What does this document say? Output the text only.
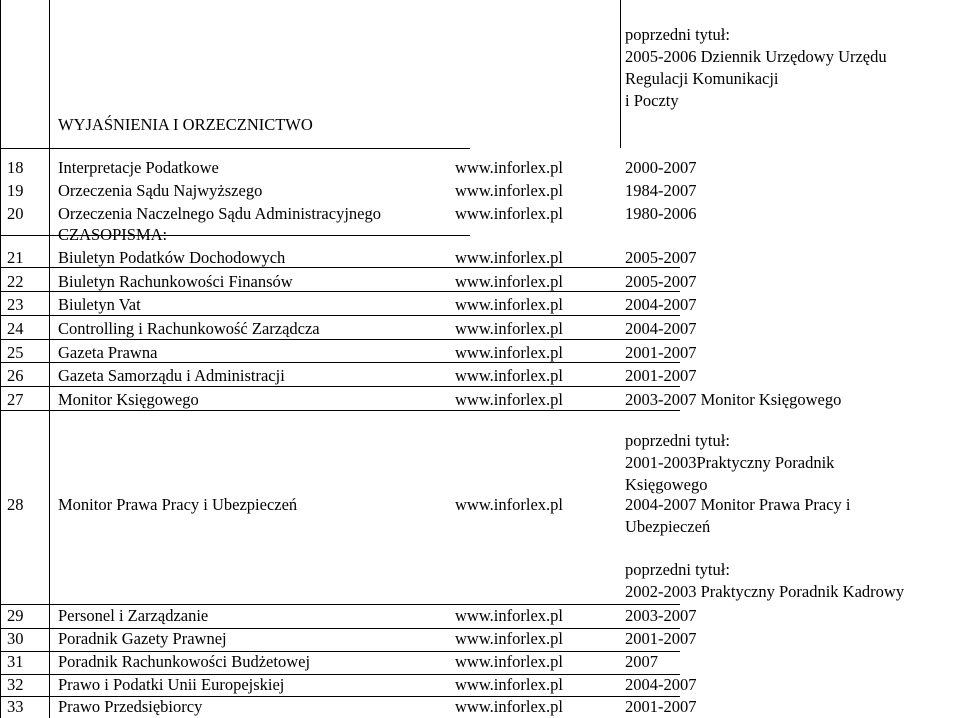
WYJAŚNIENIA I ORZECZNICTWO
poprzedni tytuł:
2005-2006 Dziennik Urzędowy Urzędu
Regulacji Komunikacji
i Poczty
18 Interpretacje Podatkowe	www.inforlex.pl	2000-2007
19 Orzeczenia Sądu Najwyższego	www.inforlex.pl	1984-2007
20 Orzeczenia Naczelnego Sądu Administracyjnego	www.inforlex.pl	1980-2006
CZASOPISMA:
21 Biuletyn Podatków Dochodowych	www.inforlex.pl	2005-2007
22 Biuletyn Rachunkowości Finansów	www.inforlex.pl	2005-2007
23 Biuletyn Vat	www.inforlex.pl	2004-2007
24 Controlling i Rachunkowość Zarządcza	www.inforlex.pl	2004-2007
25 Gazeta Prawna	www.inforlex.pl	2001-2007
26 Gazeta Samorządu i Administracji	www.inforlex.pl	2001-2007
27 Monitor Księgowego	www.inforlex.pl	2003-2007 Monitor Księgowego
poprzedni tytuł:
2001-2003Praktyczny Poradnik
Księgowego
28 Monitor Prawa Pracy i Ubezpieczeń	www.inforlex.pl	2004-2007 Monitor Prawa Pracy i
Ubezpieczeń
poprzedni tytuł:
2002-2003 Praktyczny Poradnik Kadrowy
29 Personel i Zarządzanie	www.inforlex.pl	2003-2007
30 Poradnik Gazety Prawnej	www.inforlex.pl	2001-2007
31 Poradnik Rachunkowości Budżetowej	www.inforlex.pl	2007
32 Prawo i Podatki Unii Europejskiej	www.inforlex.pl	2004-2007
33 Prawo Przedsiębiorcy	www.inforlex.pl	2001-2007
